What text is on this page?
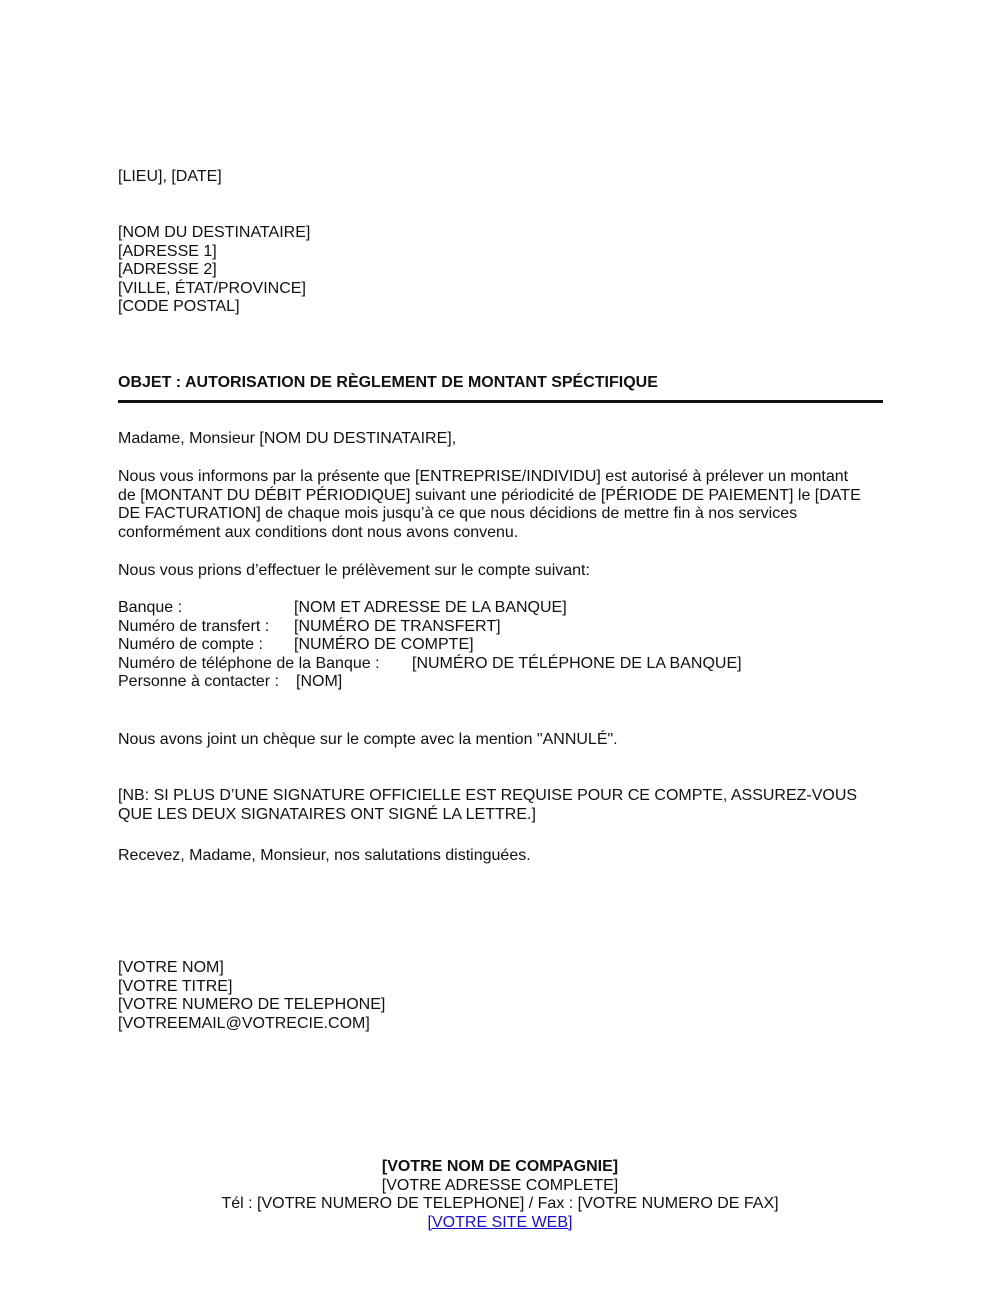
[LIEU], [DATE]
[NOM DU DESTINATAIRE]
[ADRESSE 1]
[ADRESSE 2]
[VILLE, ÉTAT/PROVINCE]
[CODE POSTAL]
OBJET : AUTORISATION DE RÈGLEMENT DE MONTANT SPÉCTIFIQUE
Madame, Monsieur [NOM DU DESTINATAIRE],
Nous vous informons par la présente que [ENTREPRISE/INDIVIDU] est autorisé à prélever un montant
de [MONTANT DU DÉBIT PÉRIODIQUE] suivant une périodicité de [PÉRIODE DE PAIEMENT] le [DATE
DE FACTURATION] de chaque mois jusqu’à ce que nous décidions de mettre fin à nos services
conformément aux conditions dont nous avons convenu.
Nous vous prions d’effectuer le prélèvement sur le compte suivant:
Banque :	[NOM ET ADRESSE DE LA BANQUE]
Numéro de transfert : [NUMÉRO DE TRANSFERT]
Numéro de compte : [NUMÉRO DE COMPTE]
Numéro de téléphone de la Banque : [NUMÉRO DE TÉLÉPHONE DE LA BANQUE]
Personne à contacter : [NOM]
Nous avons joint un chèque sur le compte avec la mention "ANNULÉ".
[NB: SI PLUS D’UNE SIGNATURE OFFICIELLE EST REQUISE POUR CE COMPTE, ASSUREZ-VOUS
QUE LES DEUX SIGNATAIRES ONT SIGNÉ LA LETTRE.]
Recevez, Madame, Monsieur, nos salutations distinguées.
[VOTRE NOM]
[VOTRE TITRE]
[VOTRE NUMERO DE TELEPHONE]
[VOTREEMAIL@VOTRECIE.COM]
[VOTRE NOM DE COMPAGNIE]
[VOTRE ADRESSE COMPLETE]
Tél : [VOTRE NUMERO DE TELEPHONE] / Fax : [VOTRE NUMERO DE FAX]
[VOTRE SITE WEB]
